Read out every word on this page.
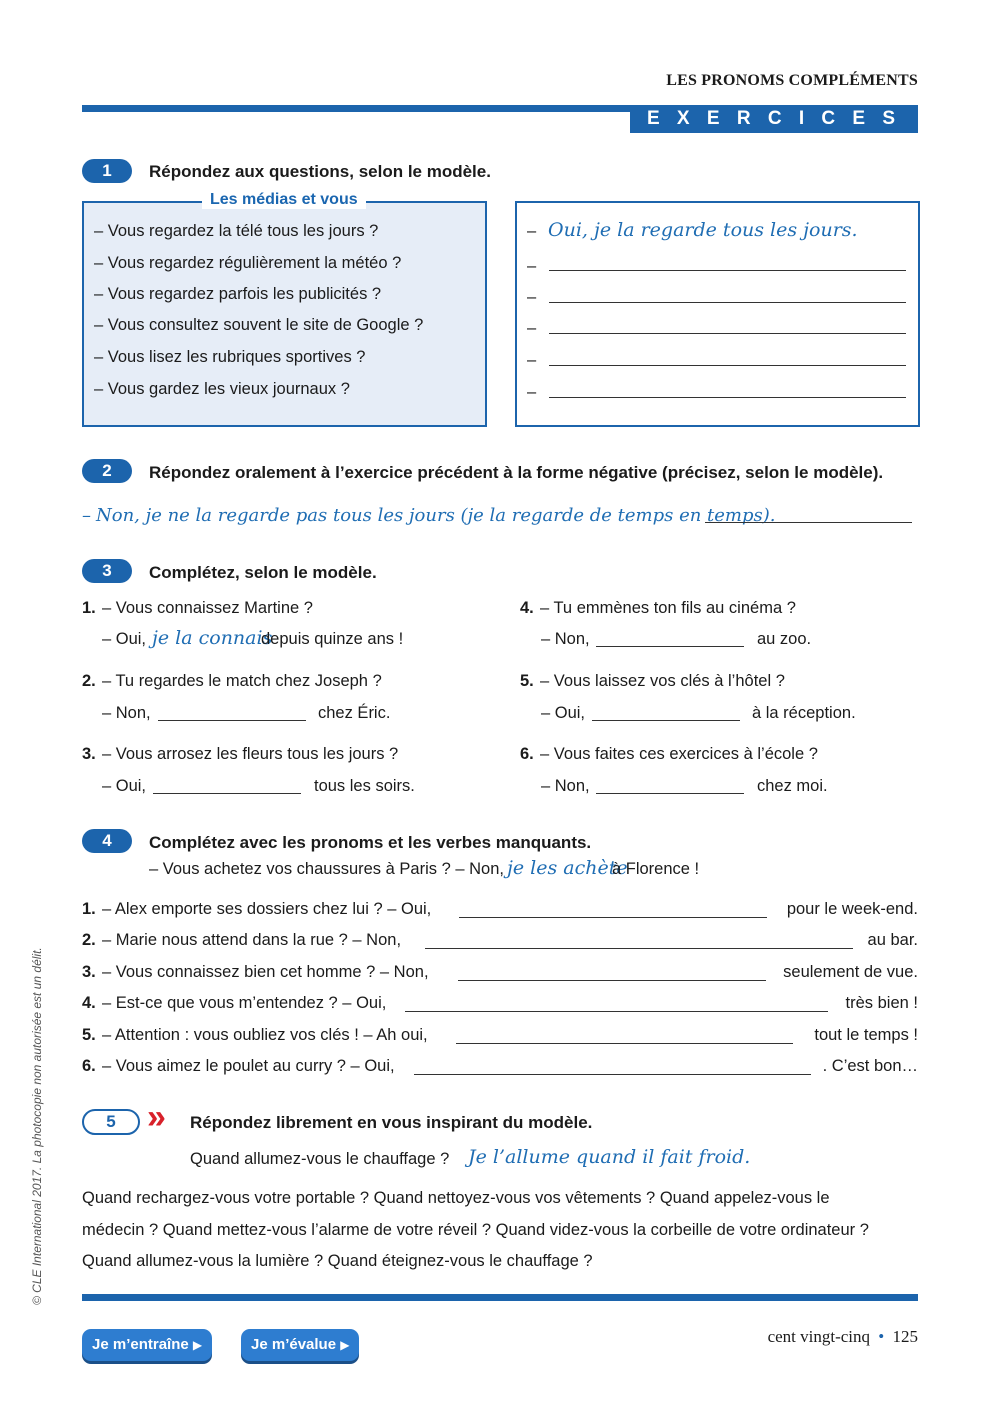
LES PRONOMS COMPLÉMENTS
E X E R C I C E S
1	Répondez aux questions, selon le modèle.
Les médias et vous
– Vous regardez la télé tous les jours ?
– Vous regardez régulièrement la météo ?
– Vous regardez parfois les publicités ?
– Vous consultez souvent le site de Google ?
– Vous lisez les rubriques sportives ?
– Vous gardez les vieux journaux ?
– Oui, je la regarde tous les jours.
–
–
–
–
–
2	Répondez oralement à l’exercice précédent à la forme négative (précisez, selon le modèle).
– Non, je ne la regarde pas tous les jours (je la regarde de temps en temps).
3	Complétez, selon le modèle.
1. – Vous connaissez Martine ?
– Oui, je la connais
depuis quinze ans !
2. – Tu regardes le match chez Joseph ?
– Non,	chez Éric.
3. – Vous arrosez les fleurs tous les jours ?
– Oui,	tous les soirs.
4. – Tu emmènes ton fils au cinéma ?
– Non,	au zoo.
5. – Vous laissez vos clés à l’hôtel ?
– Oui,	à la réception.
6. – Vous faites ces exercices à l’école ?
– Non,	chez moi.
4	Complétez avec les pronoms et les verbes manquants.
– Vous achetez vos chaussures à Paris ? – Non, je les achète
à Florence !
1. – Alex emporte ses dossiers chez lui ? – Oui,	pour le week-end.
2. – Marie nous attend dans la rue ? – Non,	au bar.
3. – Vous connaissez bien cet homme ? – Non,	seulement de vue.
4. – Est-ce que vous m’entendez ? – Oui,	très bien !
5. – Attention : vous oubliez vos clés ! – Ah oui,	tout le temps !
6. – Vous aimez le poulet au curry ? – Oui,	. C’est bon…
5 » Répondez librement en vous inspirant du modèle.
Quand allumez-vous le chauffage ? Je l’allume quand il fait froid.
Quand rechargez-vous votre portable ? Quand nettoyez-vous vos vêtements ? Quand appelez-vous le
médecin ? Quand mettez-vous l’alarme de votre réveil ? Quand videz-vous la corbeille de votre ordinateur ?
Quand allumez-vous la lumière ? Quand éteignez-vous le chauffage ?
Je m’entraîne ▶	Je m’évalue ▶	cent vingt-cinq • 125
© CLE International 2017. La photocopie non autorisée est un délit.
